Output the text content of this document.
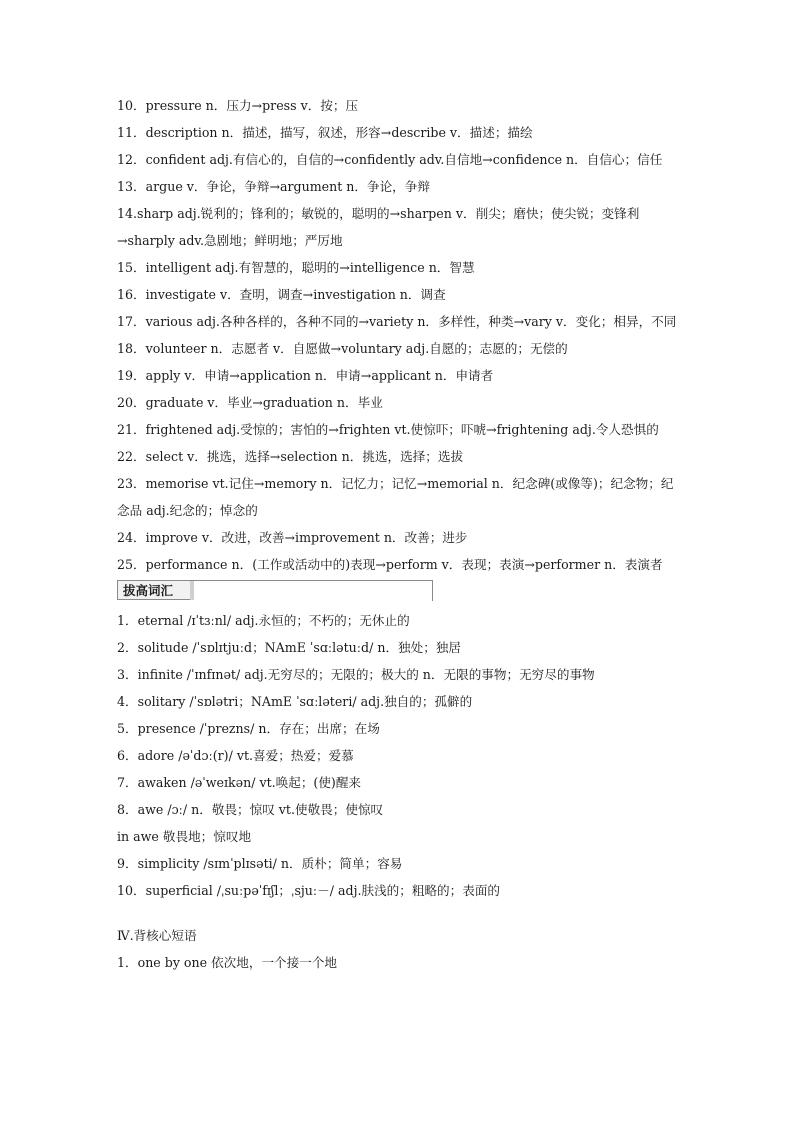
10．pressure n．压力→press v．按；压

11．description n．描述，描写，叙述，形容→describe v．描述；描绘

12．confident adj.有信心的，自信的→confidently adv.自信地→confidence n．自信心；信任

13．argue v．争论，争辩→argument n．争论，争辩

14.sharp adj.锐利的；锋利的；敏锐的，聪明的→sharpen v．削尖；磨快；使尖锐；变锋利→sharply adv.急剧地；鲜明地；严厉地

15．intelligent adj.有智慧的，聪明的→intelligence n．智慧

16．investigate v．查明，调查→investigation n．调查

17．various adj.各种各样的，各种不同的→variety n．多样性，种类→vary v．变化；相异，不同

18．volunteer n．志愿者 v．自愿做→voluntary adj.自愿的；志愿的；无偿的

19．apply v．申请→application n．申请→applicant n．申请者

20．graduate v．毕业→graduation n．毕业

21．frightened adj.受惊的；害怕的→frighten vt.使惊吓；吓唬→frightening adj.令人恐惧的

22．select v．挑选，选择→selection n．挑选，选择；选拔

23．memorise vt.记住→memory n．记忆力；记忆→memorial n．纪念碑(或像等)；纪念物；纪念品 adj.纪念的；悼念的

24．improve v．改进，改善→improvement n．改善；进步

25．performance n．(工作或活动中的)表现→perform v．表现；表演→performer n．表演者

拔高词汇

1．eternal /ɪˈtɜːnl/ adj.永恒的；不朽的；无休止的

2．solitude /ˈsɒlɪtjuːd；NAmE ˈsɑːlətuːd/ n．独处；独居

3．infinite /ˈɪnfɪnət/ adj.无穷尽的；无限的；极大的 n．无限的事物；无穷尽的事物

4．solitary /ˈsɒlətri；NAmE ˈsɑːləteri/ adj.独自的；孤僻的

5．presence /ˈprezns/ n．存在；出席；在场

6．adore /əˈdɔː(r)/ vt.喜爱；热爱；爱慕

7．awaken /əˈweɪkən/ vt.唤起；(使)醒来

8．awe /ɔː/ n．敬畏；惊叹 vt.使敬畏；使惊叹

in awe 敬畏地；惊叹地

9．simplicity /sɪmˈplɪsəti/ n．质朴；简单；容易

10．superficial /ˌsuːpəˈfɪʃl；ˌsjuː－/ adj.肤浅的；粗略的；表面的

Ⅳ.背核心短语

1．one by one 依次地，一个接一个地
